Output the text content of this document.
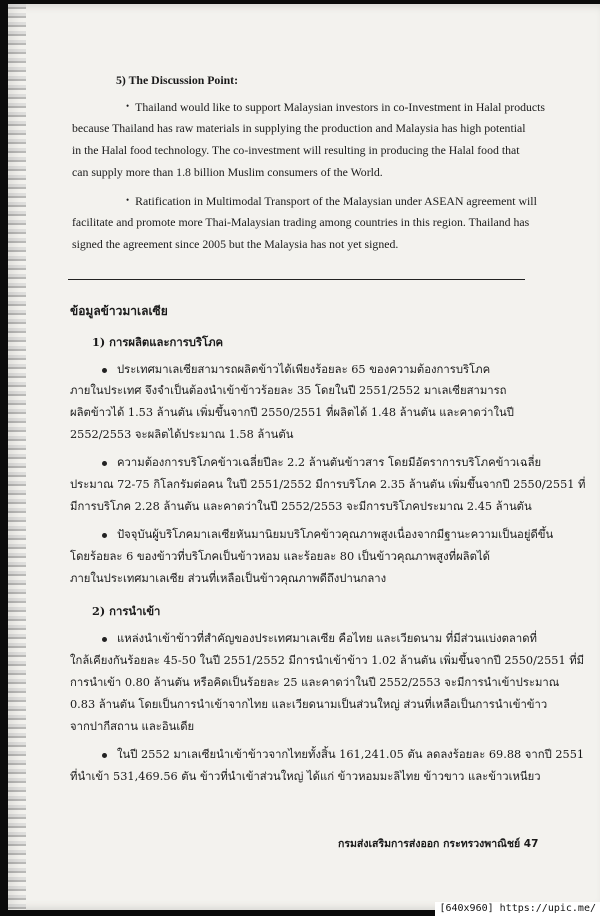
5) The Discussion Point:
• Thailand would like to support Malaysian investors in co-Investment in Halal products
because Thailand has raw materials in supplying the production and Malaysia has high potential
in the Halal food technology. The co-investment will resulting in producing the Halal food that
can supply more than 1.8 billion Muslim consumers of the World.
• Ratification in Multimodal Transport of the Malaysian under ASEAN agreement will
facilitate and promote more Thai-Malaysian trading among countries in this region. Thailand has
signed the agreement since 2005 but the Malaysia has not yet signed.
ข้อมูลข้าวมาเลเซีย
1) การผลิตและการบริโภค
ประเทศมาเลเซียสามารถผลิตข้าวได้เพียงร้อยละ 65 ของความต้องการบริโภค
ภายในประเทศ จึงจำเป็นต้องนำเข้าข้าวร้อยละ 35 โดยในปี 2551/2552 มาเลเซียสามารถ
ผลิตข้าวได้ 1.53 ล้านตัน เพิ่มขึ้นจากปี 2550/2551 ที่ผลิตได้ 1.48 ล้านตัน และคาดว่าในปี
2552/2553 จะผลิตได้ประมาณ 1.58 ล้านตัน
ความต้องการบริโภคข้าวเฉลี่ยปีละ 2.2 ล้านตันข้าวสาร โดยมีอัตราการบริโภคข้าวเฉลี่ย
ประมาณ 72-75 กิโลกรัมต่อคน ในปี 2551/2552 มีการบริโภค 2.35 ล้านตัน เพิ่มขึ้นจากปี 2550/2551 ที่
มีการบริโภค 2.28 ล้านตัน และคาดว่าในปี 2552/2553 จะมีการบริโภคประมาณ 2.45 ล้านตัน
ปัจจุบันผู้บริโภคมาเลเซียหันมานิยมบริโภคข้าวคุณภาพสูงเนื่องจากมีฐานะความเป็นอยู่ดีขึ้น
โดยร้อยละ 6 ของข้าวที่บริโภคเป็นข้าวหอม และร้อยละ 80 เป็นข้าวคุณภาพสูงที่ผลิตได้
ภายในประเทศมาเลเซีย ส่วนที่เหลือเป็นข้าวคุณภาพดีถึงปานกลาง
2) การนำเข้า
แหล่งนำเข้าข้าวที่สำคัญของประเทศมาเลเซีย คือไทย และเวียดนาม ที่มีส่วนแบ่งตลาดที่
ใกล้เคียงกันร้อยละ 45-50 ในปี 2551/2552 มีการนำเข้าข้าว 1.02 ล้านตัน เพิ่มขึ้นจากปี 2550/2551 ที่มี
การนำเข้า 0.80 ล้านตัน หรือคิดเป็นร้อยละ 25 และคาดว่าในปี 2552/2553 จะมีการนำเข้าประมาณ
0.83 ล้านตัน โดยเป็นการนำเข้าจากไทย และเวียดนามเป็นส่วนใหญ่ ส่วนที่เหลือเป็นการนำเข้าข้าว
จากปากีสถาน และอินเดีย
ในปี 2552 มาเลเซียนำเข้าข้าวจากไทยทั้งสิ้น 161,241.05 ตัน ลดลงร้อยละ 69.88 จากปี 2551
ที่นำเข้า 531,469.56 ตัน ข้าวที่นำเข้าส่วนใหญ่ ได้แก่ ข้าวหอมมะลิไทย ข้าวขาว และข้าวเหนียว
กรมส่งเสริมการส่งออก กระทรวงพาณิชย์ 47
[640x960] https://upic.me/
